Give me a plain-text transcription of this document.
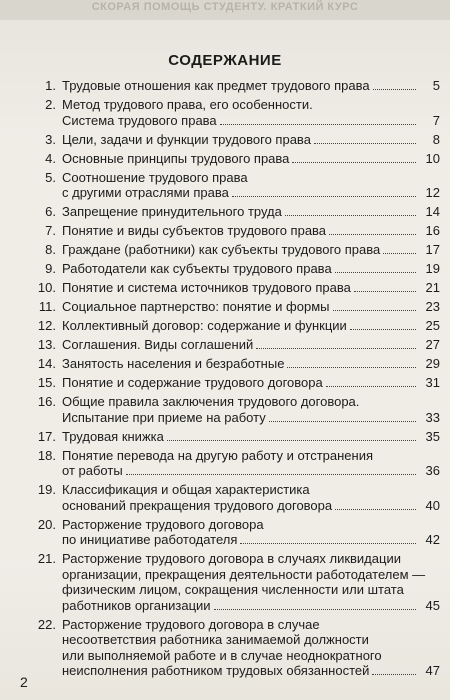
СКОРАЯ ПОМОЩЬ СТУДЕНТУ. КРАТКИЙ КУРС
СОДЕРЖАНИЕ
1. Трудовые отношения как предмет трудового права	5
2. Метод трудового права, его особенности.
Система трудового права	7
3. Цели, задачи и функции трудового права	8
4. Основные принципы трудового права	10
5. Соотношение трудового права
с другими отраслями права	12
6. Запрещение принудительного труда	14
7. Понятие и виды субъектов трудового права	16
8. Граждане (работники) как субъекты трудового права	17
9. Работодатели как субъекты трудового права	19
10. Понятие и система источников трудового права	21
11. Социальное партнерство: понятие и формы	23
12. Коллективный договор: содержание и функции	25
13. Соглашения. Виды соглашений	27
14. Занятость населения и безработные	29
15. Понятие и содержание трудового договора	31
16. Общие правила заключения трудового договора.
Испытание при приеме на работу	33
17. Трудовая книжка	35
18. Понятие перевода на другую работу и отстранения
от работы	36
19. Классификация и общая характеристика
оснований прекращения трудового договора	40
20. Расторжение трудового договора
по инициативе работодателя	42
21. Расторжение трудового договора в случаях ликвидации
организации, прекращения деятельности работодателем —
физическим лицом, сокращения численности или штата
работников организации	45
22. Расторжение трудового договора в случае
несоответствия работника занимаемой должности
или выполняемой работе и в случае неоднократного
неисполнения работником трудовых обязанностей	47
2
